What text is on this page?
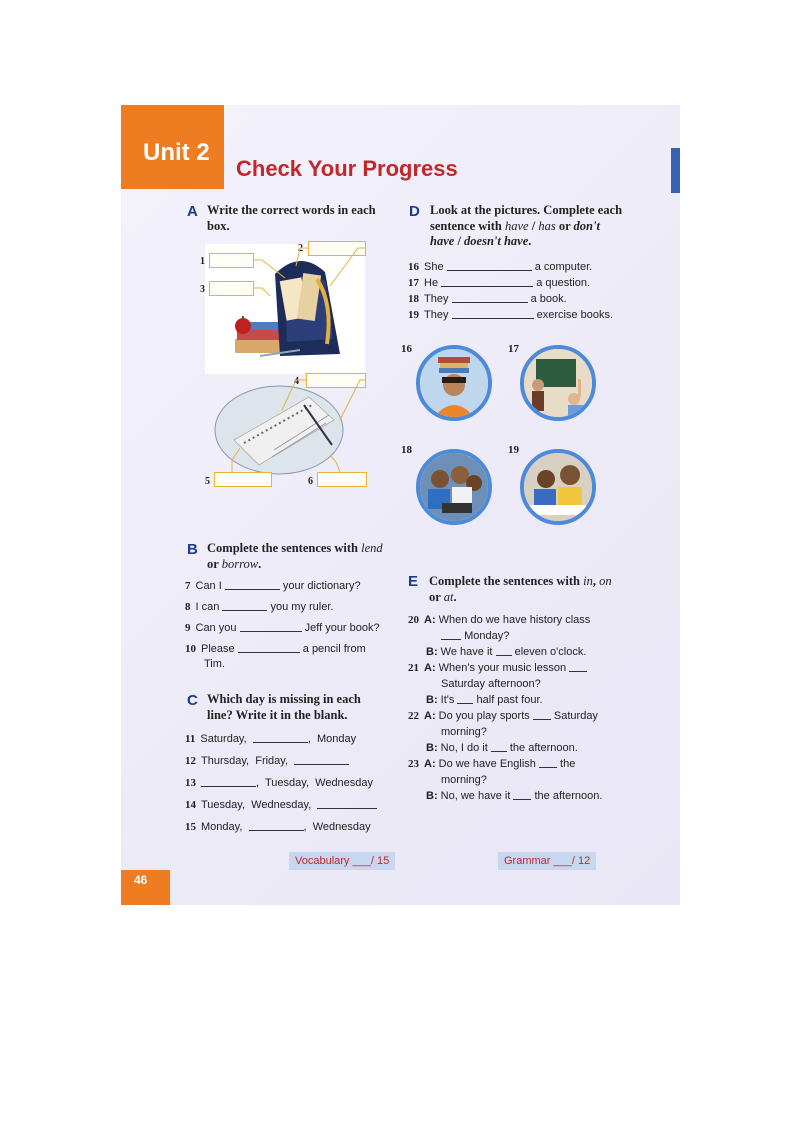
Unit 2
Check Your Progress
A Write the correct words in each box.
1
2
3
4
5	6
B Complete the sentences with lend or borrow.
7 Can I	your dictionary?
8 I can	you my ruler.
9 Can you	Jeff your book?
10 Please	a pencil from
Tim.
C Which day is missing in each line? Write it in the blank.
11 Saturday,	, Monday
12 Thursday, Friday,
13	, Tuesday, Wednesday
14 Tuesday, Wednesday,
15 Monday,	, Wednesday
D Look at the pictures. Complete each sentence with have / has or don't have / doesn't have.
16 She	a computer.
17 He	a question.
18 They	a book.
19 They	exercise books.
16	17
18	19
E Complete the sentences with in, on or at.
20 A: When do we have history class
Monday?
B: We have it eleven o'clock.
21 A: When's your music lesson
Saturday afternoon?
B: It's half past four.
22 A: Do you play sports Saturday
morning?
B: No, I do it the afternoon.
23 A: Do we have English the
morning?
B: No, we have it the afternoon.
Vocabulary ___/ 15	Grammar ___/ 12
46
